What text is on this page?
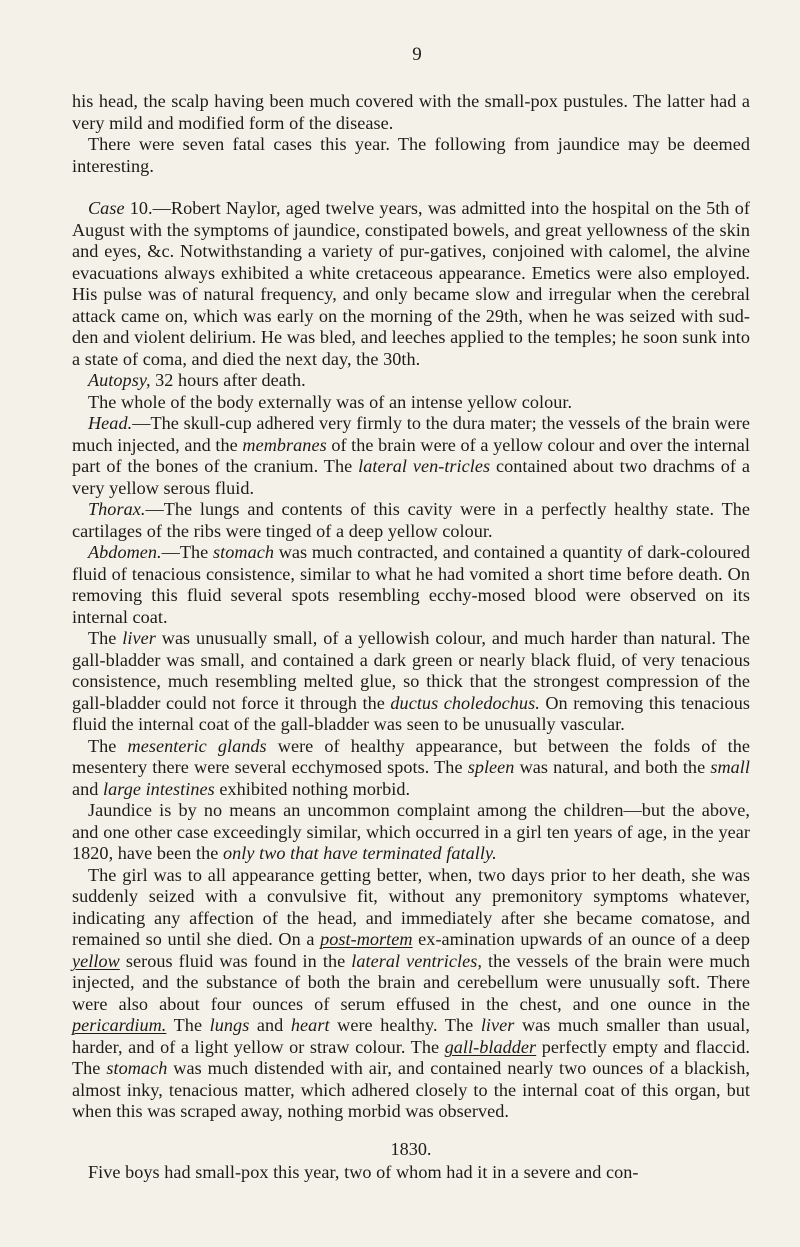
9

his head, the scalp having been much covered with the small-pox pustules. The latter had a very mild and modified form of the disease.

There were seven fatal cases this year. The following from jaundice may be deemed interesting.

Case 10.—Robert Naylor, aged twelve years, was admitted into the hospital on the 5th of August with the symptoms of jaundice, constipated bowels, and great yellowness of the skin and eyes, &c. Notwithstanding a variety of pur-gatives, conjoined with calomel, the alvine evacuations always exhibited a white cretaceous appearance. Emetics were also employed. His pulse was of natural frequency, and only became slow and irregular when the cerebral attack came on, which was early on the morning of the 29th, when he was seized with sud-den and violent delirium. He was bled, and leeches applied to the temples; he soon sunk into a state of coma, and died the next day, the 30th.

Autopsy, 32 hours after death.

The whole of the body externally was of an intense yellow colour.

Head.—The skull-cup adhered very firmly to the dura mater; the vessels of the brain were much injected, and the membranes of the brain were of a yellow colour and over the internal part of the bones of the cranium. The lateral ven-tricles contained about two drachms of a very yellow serous fluid.

Thorax.—The lungs and contents of this cavity were in a perfectly healthy state. The cartilages of the ribs were tinged of a deep yellow colour.

Abdomen.—The stomach was much contracted, and contained a quantity of dark-coloured fluid of tenacious consistence, similar to what he had vomited a short time before death. On removing this fluid several spots resembling ecchy-mosed blood were observed on its internal coat.

The liver was unusually small, of a yellowish colour, and much harder than natural. The gall-bladder was small, and contained a dark green or nearly black fluid, of very tenacious consistence, much resembling melted glue, so thick that the strongest compression of the gall-bladder could not force it through the ductus choledochus. On removing this tenacious fluid the internal coat of the gall-bladder was seen to be unusually vascular.

The mesenteric glands were of healthy appearance, but between the folds of the mesentery there were several ecchymosed spots. The spleen was natural, and both the small and large intestines exhibited nothing morbid.

Jaundice is by no means an uncommon complaint among the children—but the above, and one other case exceedingly similar, which occurred in a girl ten years of age, in the year 1820, have been the only two that have terminated fatally.

The girl was to all appearance getting better, when, two days prior to her death, she was suddenly seized with a convulsive fit, without any premonitory symptoms whatever, indicating any affection of the head, and immediately after she became comatose, and remained so until she died. On a post-mortem ex-amination upwards of an ounce of a deep yellow serous fluid was found in the lateral ventricles, the vessels of the brain were much injected, and the substance of both the brain and cerebellum were unusually soft. There were also about four ounces of serum effused in the chest, and one ounce in the pericardium. The lungs and heart were healthy. The liver was much smaller than usual, harder, and of a light yellow or straw colour. The gall-bladder perfectly empty and flaccid. The stomach was much distended with air, and contained nearly two ounces of a blackish, almost inky, tenacious matter, which adhered closely to the internal coat of this organ, but when this was scraped away, nothing morbid was observed.

1830.

Five boys had small-pox this year, two of whom had it in a severe and con-
